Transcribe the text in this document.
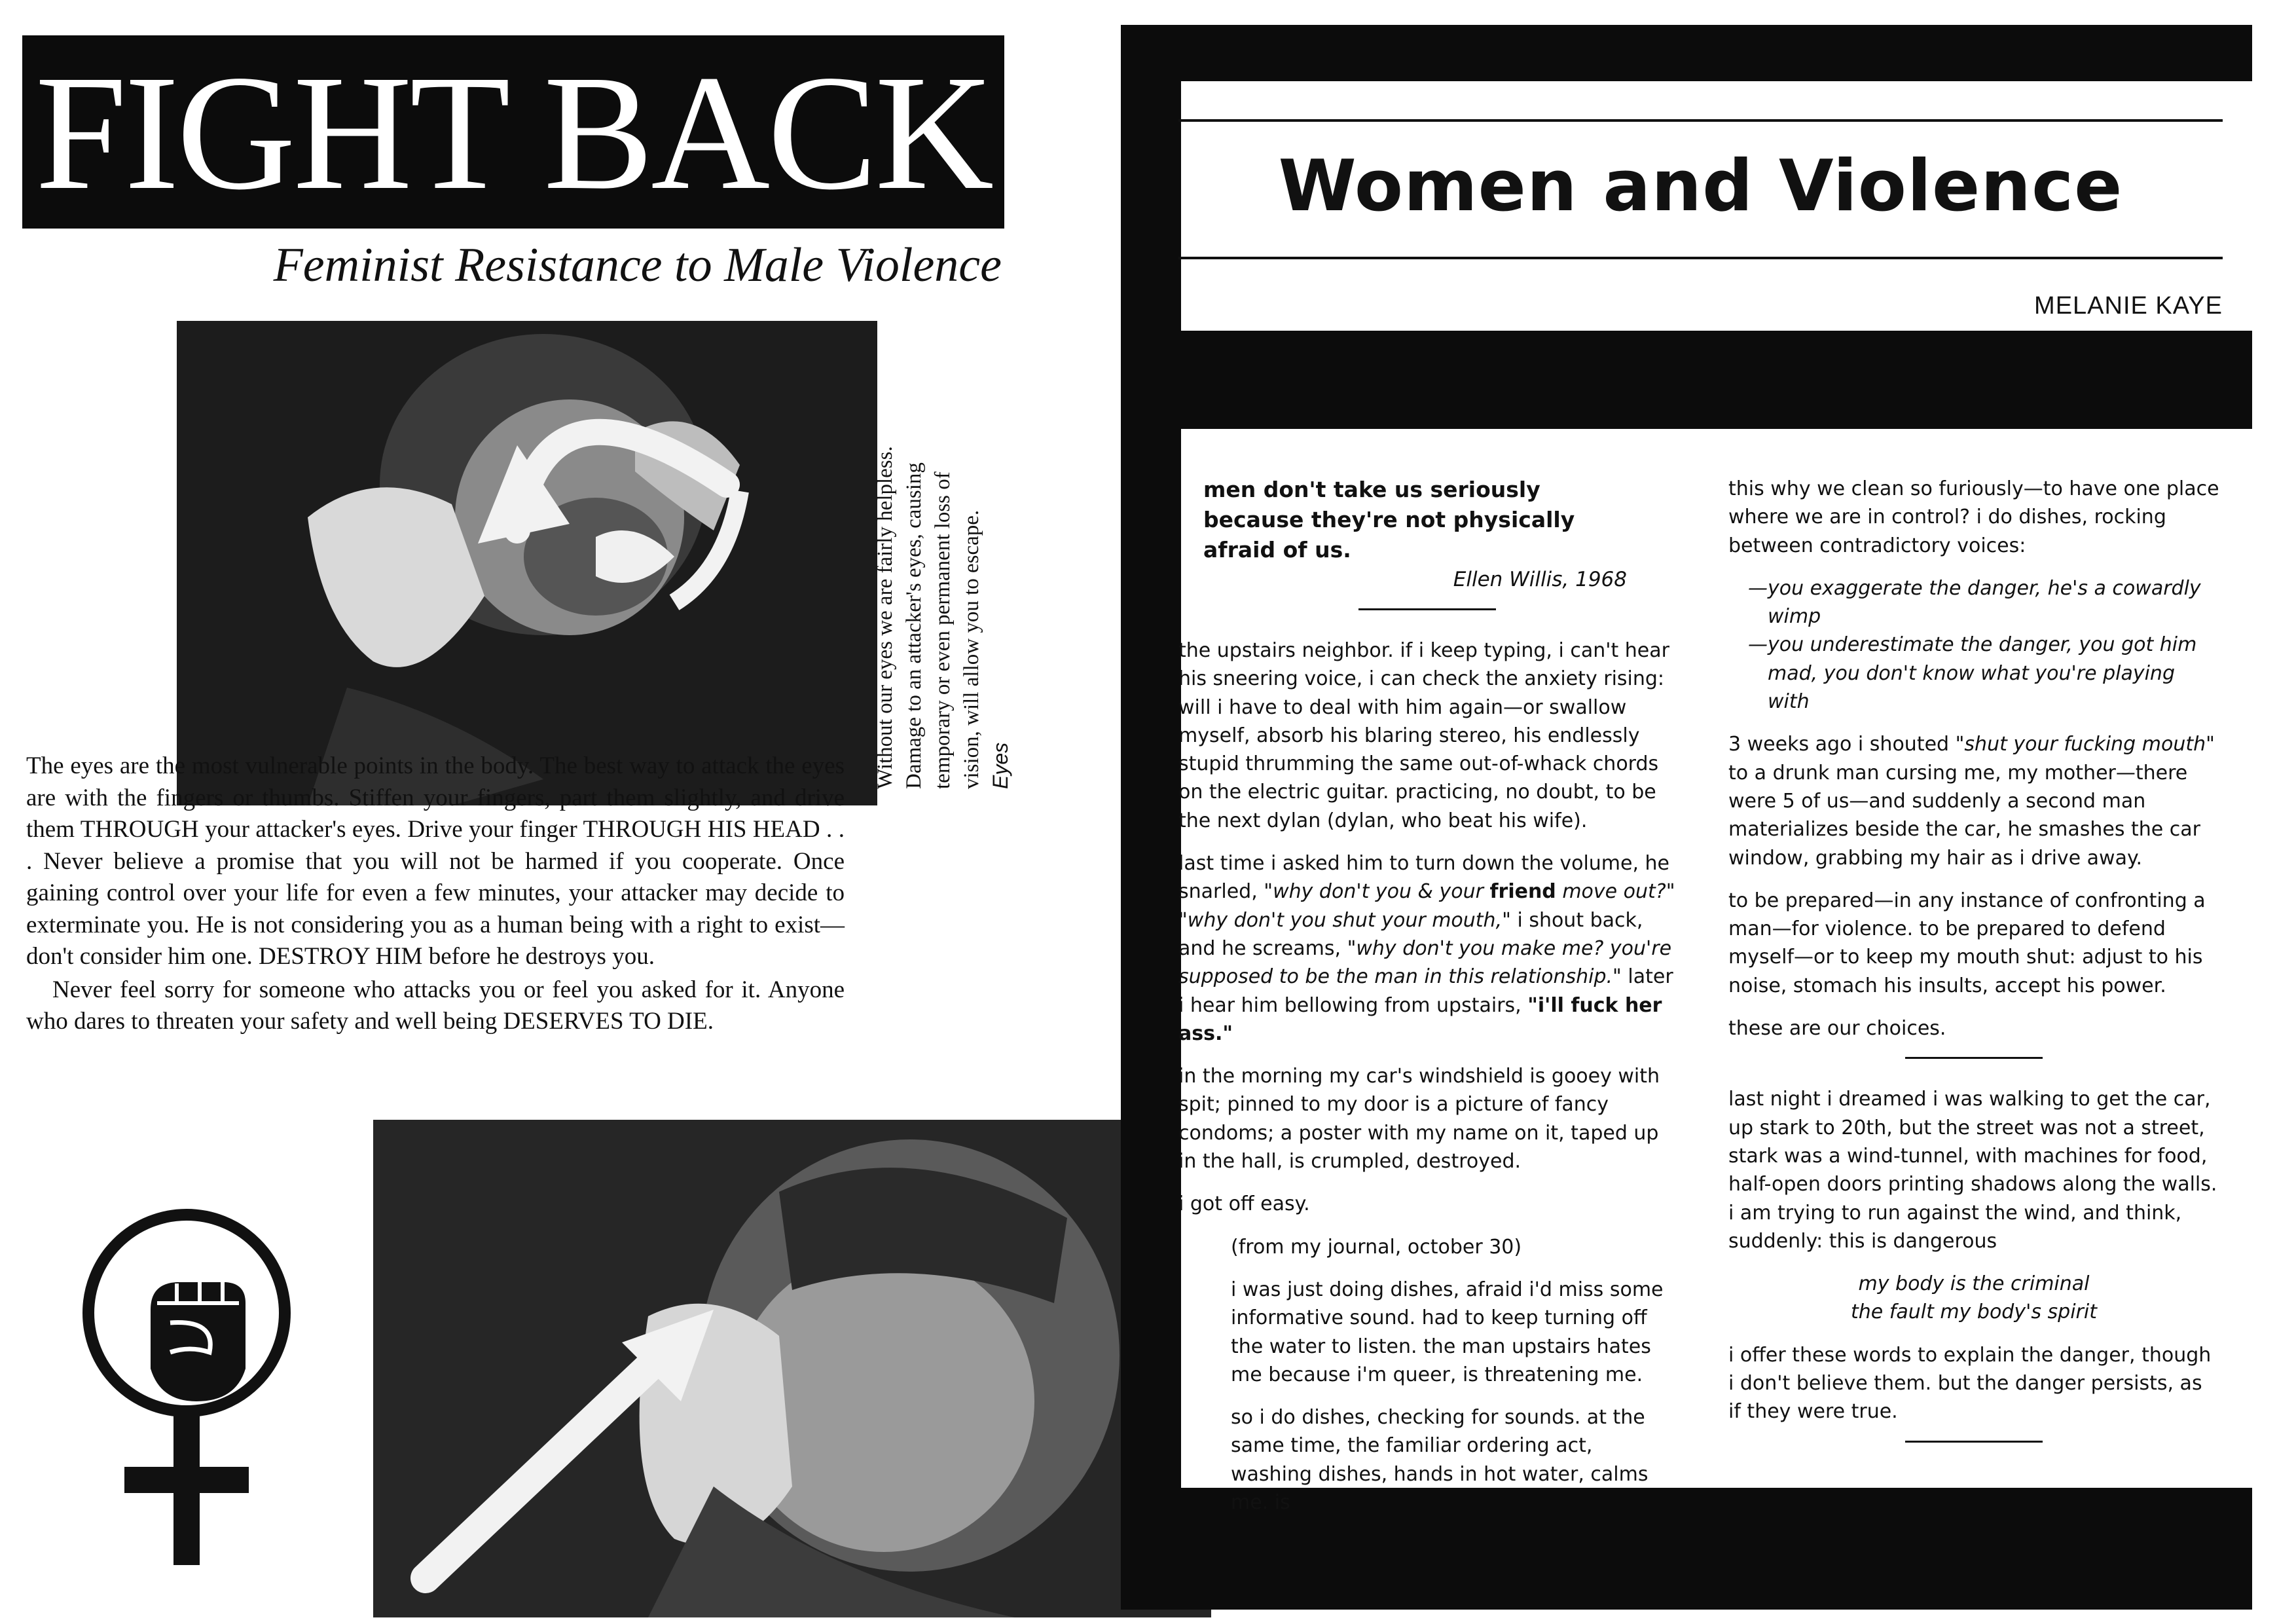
FIGHT BACK
Feminist Resistance to Male Violence

The eyes are the most vulnerable points in the body. The best way to attack the eyes are with the fingers or thumbs. Stiffen your fingers, part them slightly, and drive them THROUGH your attacker's eyes. Drive your finger THROUGH HIS HEAD . . . Never believe a promise that you will not be harmed if you cooperate. Once gaining control over your life for even a few minutes, your attacker may decide to exterminate you. He is not considering you as a human being with a right to exist—don't consider him one. DESTROY HIM before he destroys you.

Never feel sorry for someone who attacks you or feel you asked for it. Anyone who dares to threaten your safety and well being DESERVES TO DIE.

Without our eyes we are fairly helpless. Damage to an attacker's eyes, causing temporary or even permanent loss of vision, will allow you to escape. Eyes
Women and Violence
MELANIE KAYE

men don't take us seriously because they're not physically afraid of us.

Ellen Willis, 1968

the upstairs neighbor. if i keep typing, i can't hear his sneering voice, i can check the anxiety rising: will i have to deal with him again—or swallow myself, absorb his blaring stereo, his endlessly stupid thrumming the same out-of-whack chords on the electric guitar. practicing, no doubt, to be the next dylan (dylan, who beat his wife).

last time i asked him to turn down the volume, he snarled, "why don't you & your friend move out?" "why don't you shut your mouth," i shout back, and he screams, "why don't you make me? you're supposed to be the man in this relationship." later i hear him bellowing from upstairs, "i'll fuck her ass."

in the morning my car's windshield is gooey with spit; pinned to my door is a picture of fancy condoms; a poster with my name on it, taped up in the hall, is crumpled, destroyed.

i got off easy.

(from my journal, october 30)

i was just doing dishes, afraid i'd miss some informative sound. had to keep turning off the water to listen. the man upstairs hates me because i'm queer, is threatening me.

so i do dishes, checking for sounds. at the same time, the familiar ordering act, washing dishes, hands in hot water, calms me. is

this why we clean so furiously—to have one place where we are in control? i do dishes, rocking between contradictory voices:

—you exaggerate the danger, he's a cowardly wimp

—you underestimate the danger, you got him mad, you don't know what you're playing with

3 weeks ago i shouted "shut your fucking mouth" to a drunk man cursing me, my mother—there were 5 of us—and suddenly a second man materializes beside the car, he smashes the car window, grabbing my hair as i drive away.

to be prepared—in any instance of confronting a man—for violence. to be prepared to defend myself—or to keep my mouth shut: adjust to his noise, stomach his insults, accept his power.

these are our choices.

last night i dreamed i was walking to get the car, up stark to 20th, but the street was not a street, stark was a wind-tunnel, with machines for food, half-open doors printing shadows along the walls. i am trying to run against the wind, and think, suddenly: this is dangerous

my body is the criminal

the fault my body's spirit

i offer these words to explain the danger, though i don't believe them. but the danger persists, as if they were true.
